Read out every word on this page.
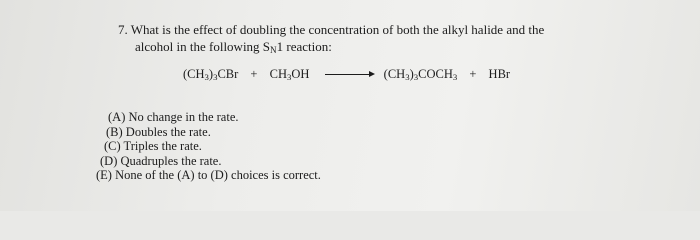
7. What is the effect of doubling the concentration of both the alkyl halide and the
alcohol in the following $S_N1$ reaction:
$(CH_3)_3CBr + CH_3OH$ → $(CH_3)_3COCH_3$ + HBr
(A) No change in the rate.
(B) Doubles the rate.
(C) Triples the rate.
(D) Quadruples the rate.
(E) None of the (A) to (D) choices is correct.
